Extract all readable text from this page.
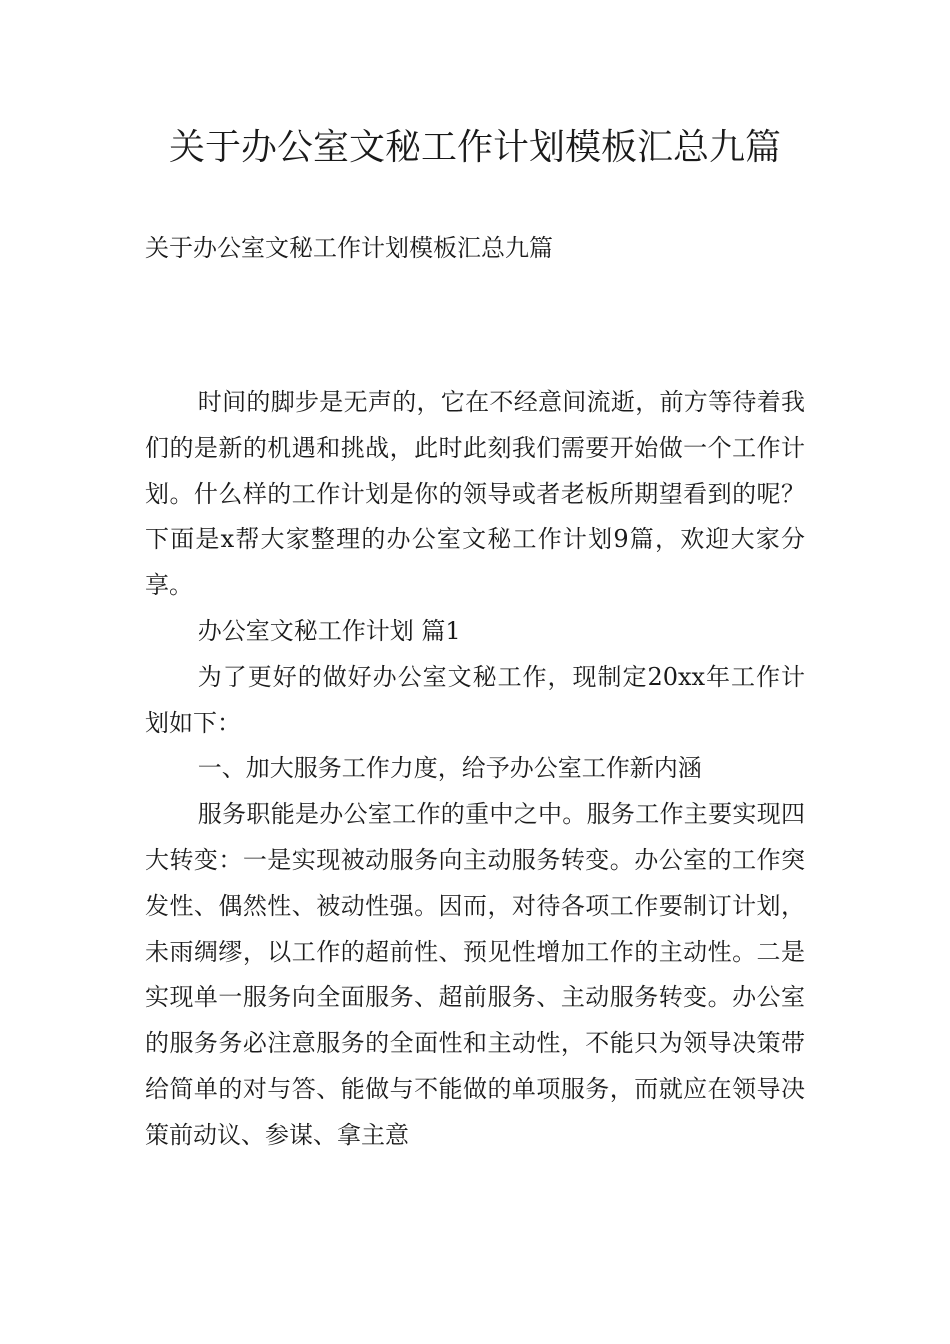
关于办公室文秘工作计划模板汇总九篇

关于办公室文秘工作计划模板汇总九篇

时间的脚步是无声的，它在不经意间流逝，前方等待着我们的是新的机遇和挑战，此时此刻我们需要开始做一个工作计划。什么样的工作计划是你的领导或者老板所期望看到的呢？下面是x帮大家整理的办公室文秘工作计划9篇，欢迎大家分享。

办公室文秘工作计划 篇1

为了更好的做好办公室文秘工作，现制定20xx年工作计划如下：

一、加大服务工作力度，给予办公室工作新内涵

服务职能是办公室工作的重中之中。服务工作主要实现四大转变：一是实现被动服务向主动服务转变。办公室的工作突发性、偶然性、被动性强。因而，对待各项工作要制订计划，未雨绸缪，以工作的超前性、预见性增加工作的主动性。二是实现单一服务向全面服务、超前服务、主动服务转变。办公室的服务务必注意服务的全面性和主动性，不能只为领导决策带给简单的对与答、能做与不能做的单项服务，而就应在领导决策前动议、参谋、拿主意
